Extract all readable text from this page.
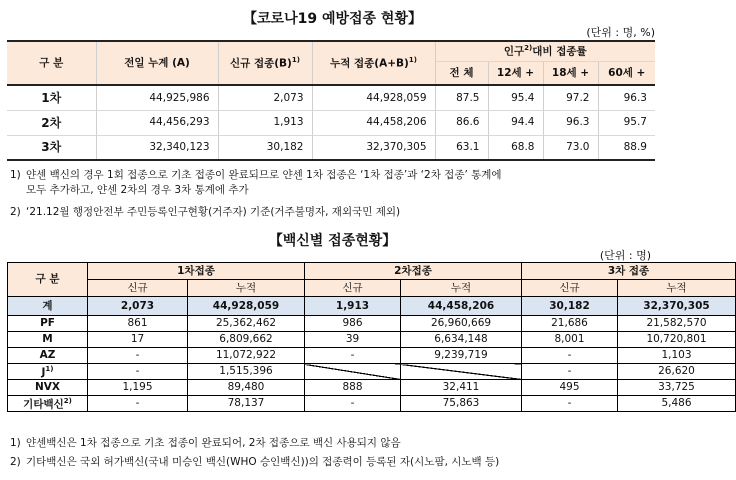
【코로나19 예방접종 현황】
(단위 : 명, %)
구 분	전일 누계 (A)	신규 접종$(B)^{1)}$	누적 접종$(A+B)^{1)}$	인구$^{2)}$대비 접종률			
				전 체	12세 +	18세 +	60세 +
1차	44,925,986	2,073	44,928,059	87.5	95.4	97.2	96.3
2차	44,456,293	1,913	44,458,206	86.6	94.4	96.3	95.7
3차	32,340,123	30,182	32,370,305	63.1	68.8	73.0	88.9
1) 얀센 백신의 경우 1회 접종으로 기초 접종이 완료되므로 얀센 1차 접종은 ‘1차 접종’과 ‘2차 접종’ 통계에
모두 추가하고, 얀센 2차의 경우 3차 통계에 추가
2) ‘21.12월 행정안전부 주민등록인구현황(거주자) 기준(거주불명자, 재외국민 제외)
【백신별 접종현황】
(단위 : 명)
구 분	1차접종		2차접종		3차 접종	
	신규	누적	신규	누적	신규	누적
계	2,073	44,928,059	1,913	44,458,206	30,182	32,370,305
PF	861	25,362,462	986	26,960,669	21,686	21,582,570
M	17	6,809,662	39	6,634,148	8,001	10,720,801
AZ	-	11,072,922	-	9,239,719	-	1,103
$J^{1)}$	-	1,515,396			-	26,620
NVX	1,195	89,480	888	32,411	495	33,725
기타백신$^{2)}$	-	78,137	-	75,863	-	5,486
1) 얀센백신은 1차 접종으로 기초 접종이 완료되어, 2차 접종으로 백신 사용되지 않음
2) 기타백신은 국외 허가백신(국내 미승인 백신(WHO 승인백신))의 접종력이 등록된 자(시노팜, 시노백 등)
